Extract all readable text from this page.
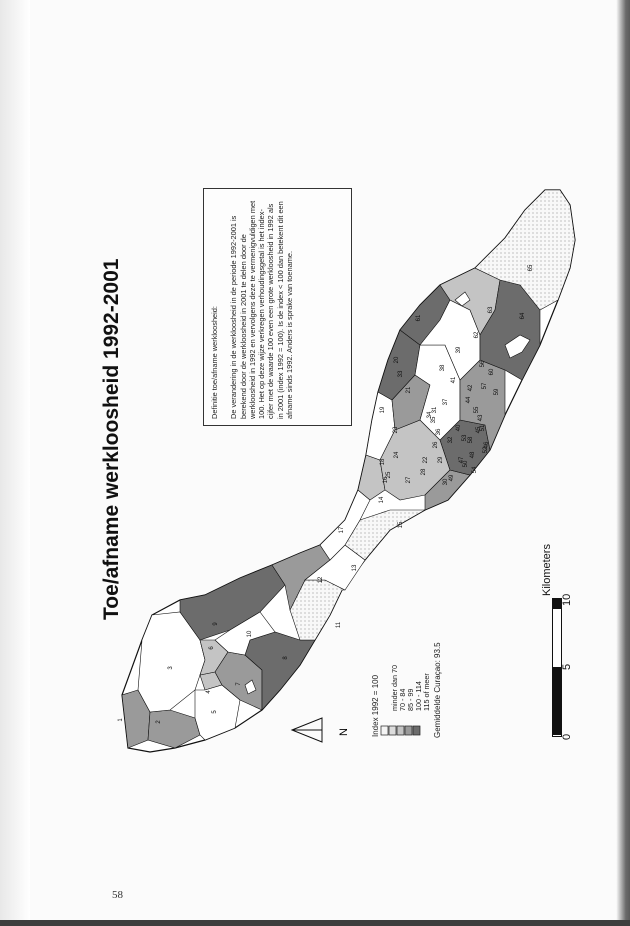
Toe/afname werkloosheid 1992-2001
1
2
3
4
5
6
7
8
9
10
11
12
13
14
15
16
17
18
19
20
21
22
23
24
25
26
27
28
29
30
31
32
33
34
35
36
37
38
39
40
41
42
43
44
45
46
47
48
49
50
51
52
53
54
55
56
57
58
59
60
61
62
63
64
65
N
Definitie toe/afname werkloosheid: De verandering in de werkloosheid in de periode 1992-2001 is berekend door de werkloosheid in 2001 te delen door de werkloosheid in 1992 en vervolgens deze te vermenigvuldigen met 100. Het op deze wijze verkregen verhoudingsgetal is het index-cijfer met de waarde 100 even een grote werkloosheid in 1992 als in 2001 (index 1992 = 100). Is de index < 100 dan betekent dit een afname sinds 1992. Anders is sprake van toename.
Index 1992 = 100 minder dan 70 70 - 84 85 - 99 100 - 114 115 of meer Gemiddelde Curaçao: 93.5	0
5
10
Kilometers
58
